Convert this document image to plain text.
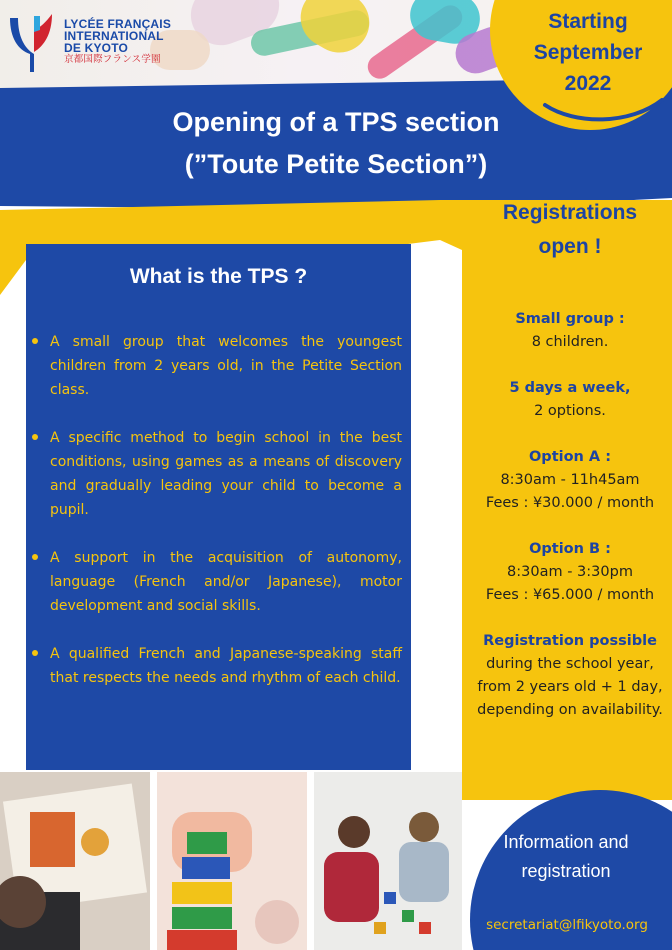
LYCÉE FRANÇAIS
INTERNATIONAL
DE KYOTO
京都国際フランス学園
Starting
September
2022
Opening of a TPS section
(”Toute Petite Section”)
Registrations
open !
What is the TPS ?
A small group that welcomes the youngest children from 2 years old, in the Petite Section class.
A specific method to begin school in the best conditions, using games as a means of discovery and gradually leading your child to become a pupil.
A support in the acquisition of autonomy, language (French and/or Japanese), motor development and social skills.
A qualified French and Japanese-speaking staff that respects the needs and rhythm of each child.
Small group :
8 children.
5 days a week,
2 options.
Option A :
8:30am - 11h45am
Fees : ¥30.000 / month
Option B :
8:30am - 3:30pm
Fees : ¥65.000 / month
Registration possible
during the school year,
from 2 years old + 1 day,
depending on availability.
Information and
registration
secretariat@lfikyoto.org
